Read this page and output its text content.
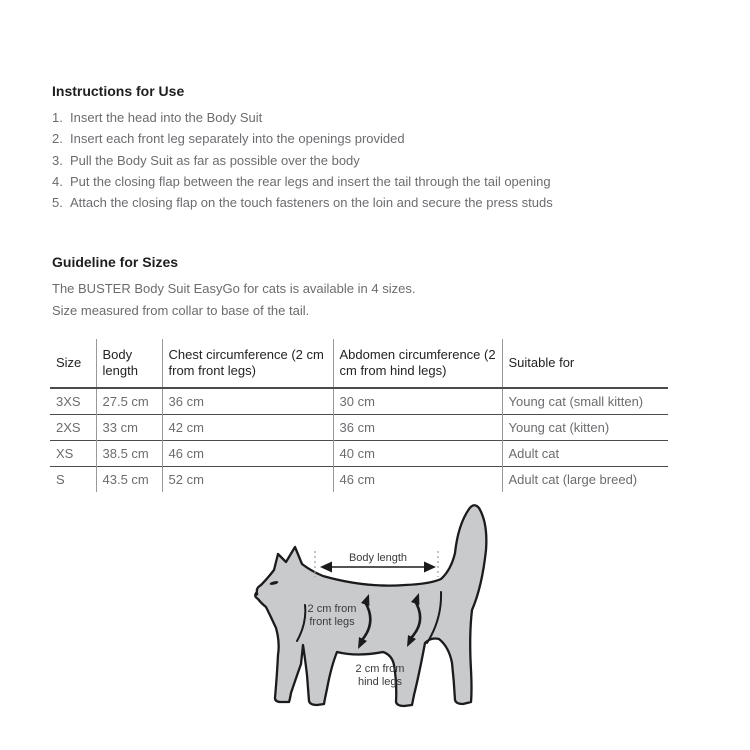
Instructions for Use
1. Insert the head into the Body Suit
2. Insert each front leg separately into the openings provided
3. Pull the Body Suit as far as possible over the body
4. Put the closing flap between the rear legs and insert the tail through the tail opening
5. Attach the closing flap on the touch fasteners on the loin and secure the press studs
Guideline for Sizes

The BUSTER Body Suit EasyGo for cats is available in 4 sizes.

Size measured from collar to base of the tail.

Size	Body length	Chest circumference (2 cm from front legs)	Abdomen circumference (2 cm from hind legs)	Suitable for
3XS	27.5 cm	36 cm	30 cm	Young cat (small kitten)
2XS	33 cm	42 cm	36 cm	Young cat (kitten)
XS	38.5 cm	46 cm	40 cm	Adult cat
S	43.5 cm	52 cm	46 cm	Adult cat (large breed)
Body length
2 cm from
front legs
2 cm from
hind legs
